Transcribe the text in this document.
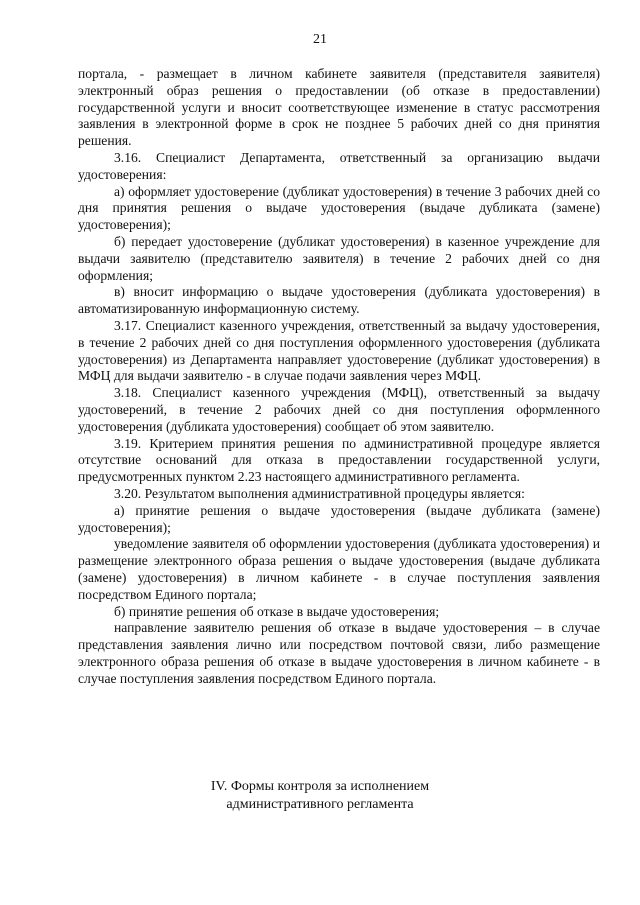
21

портала, - размещает в личном кабинете заявителя (представителя заявителя) электронный образ решения о предоставлении (об отказе в предоставлении) государственной услуги и вносит соответствующее изменение в статус рассмотрения заявления в электронной форме в срок не позднее 5 рабочих дней со дня принятия решения.

3.16. Специалист Департамента, ответственный за организацию выдачи удостоверения:

а) оформляет удостоверение (дубликат удостоверения) в течение 3 рабочих дней со дня принятия решения о выдаче удостоверения (выдаче дубликата (замене) удостоверения);

б) передает удостоверение (дубликат удостоверения) в казенное учреждение для выдачи заявителю (представителю заявителя) в течение 2 рабочих дней со дня оформления;

в) вносит информацию о выдаче удостоверения (дубликата удостоверения) в автоматизированную информационную систему.

3.17. Специалист казенного учреждения, ответственный за выдачу удостоверения, в течение 2 рабочих дней со дня поступления оформленного удостоверения (дубликата удостоверения) из Департамента направляет удостоверение (дубликат удостоверения) в МФЦ для выдачи заявителю - в случае подачи заявления через МФЦ.

3.18. Специалист казенного учреждения (МФЦ), ответственный за выдачу удостоверений, в течение 2 рабочих дней со дня поступления оформленного удостоверения (дубликата удостоверения) сообщает об этом заявителю.

3.19. Критерием принятия решения по административной процедуре является отсутствие оснований для отказа в предоставлении государственной услуги, предусмотренных пунктом 2.23 настоящего административного регламента.

3.20. Результатом выполнения административной процедуры является:

а) принятие решения о выдаче удостоверения (выдаче дубликата (замене) удостоверения);

уведомление заявителя об оформлении удостоверения (дубликата удостоверения) и размещение электронного образа решения о выдаче удостоверения (выдаче дубликата (замене) удостоверения) в личном кабинете - в случае поступления заявления посредством Единого портала;

б) принятие решения об отказе в выдаче удостоверения;

направление заявителю решения об отказе в выдаче удостоверения – в случае представления заявления лично или посредством почтовой связи, либо размещение электронного образа решения об отказе в выдаче удостоверения в личном кабинете - в случае поступления заявления посредством Единого портала.

IV. Формы контроля за исполнением
административного регламента
